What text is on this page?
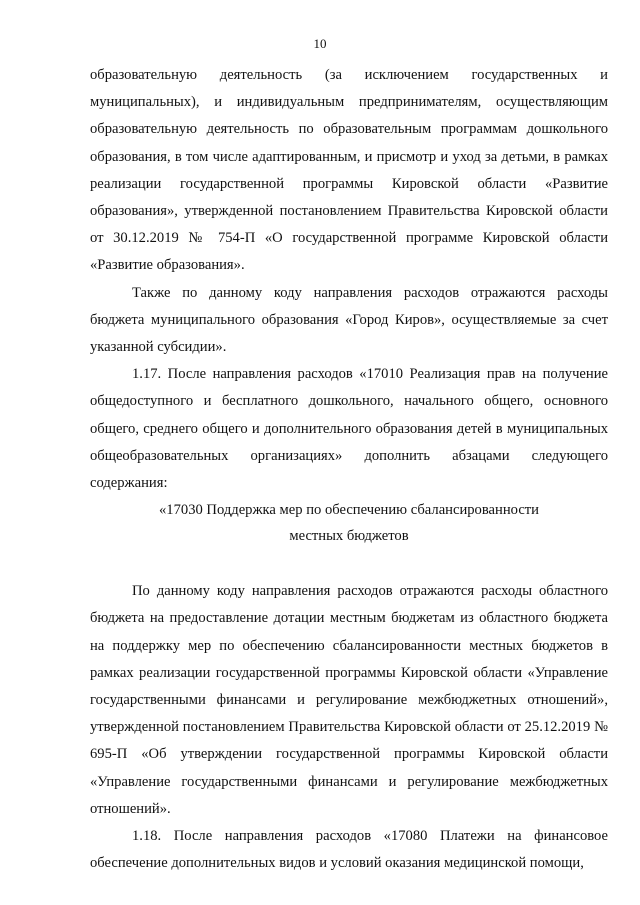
10

образовательную деятельность (за исключением государственных и муниципальных), и индивидуальным предпринимателям, осуществляющим образовательную деятельность по образовательным программам дошкольного образования, в том числе адаптированным, и присмотр и уход за детьми, в рамках реализации государственной программы Кировской области «Развитие образования», утвержденной постановлением Правительства Кировской области от 30.12.2019 № 754-П «О государственной программе Кировской области «Развитие образования».

Также по данному коду направления расходов отражаются расходы бюджета муниципального образования «Город Киров», осуществляемые за счет указанной субсидии».

1.17. После направления расходов «17010 Реализация прав на получение общедоступного и бесплатного дошкольного, начального общего, основного общего, среднего общего и дополнительного образования детей в муниципальных общеобразовательных организациях» дополнить абзацами следующего содержания:

«17030 Поддержка мер по обеспечению сбалансированности
местных бюджетов

По данному коду направления расходов отражаются расходы областного бюджета на предоставление дотации местным бюджетам из областного бюджета на поддержку мер по обеспечению сбалансированности местных бюджетов в рамках реализации государственной программы Кировской области «Управление государственными финансами и регулирование межбюджетных отношений», утвержденной постановлением Правительства Кировской области от 25.12.2019 № 695-П «Об утверждении государственной программы Кировской области «Управление государственными финансами и регулирование межбюджетных отношений».

1.18. После направления расходов «17080 Платежи на финансовое обеспечение дополнительных видов и условий оказания медицинской помощи,
